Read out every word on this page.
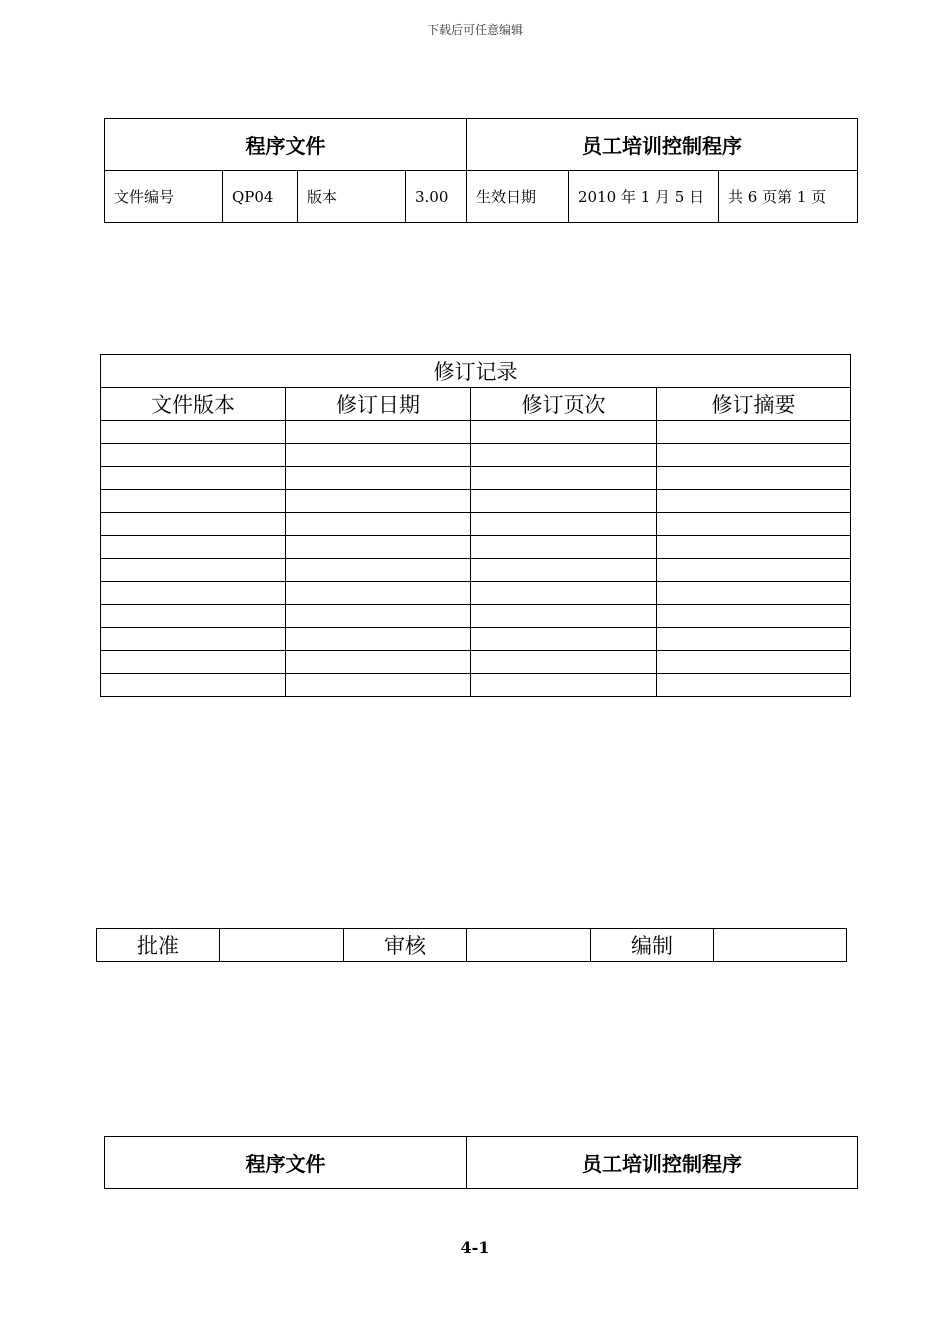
下载后可任意编辑
程序文件				员工培训控制程序		
文件编号	QP04	版本	3.00	生效日期	2010 年 1 月 5 日	共 6 页第 1 页
修订记录			
文件版本	修订日期	修订页次	修订摘要

批准		审核		编制	
程序文件	员工培训控制程序
4-1
